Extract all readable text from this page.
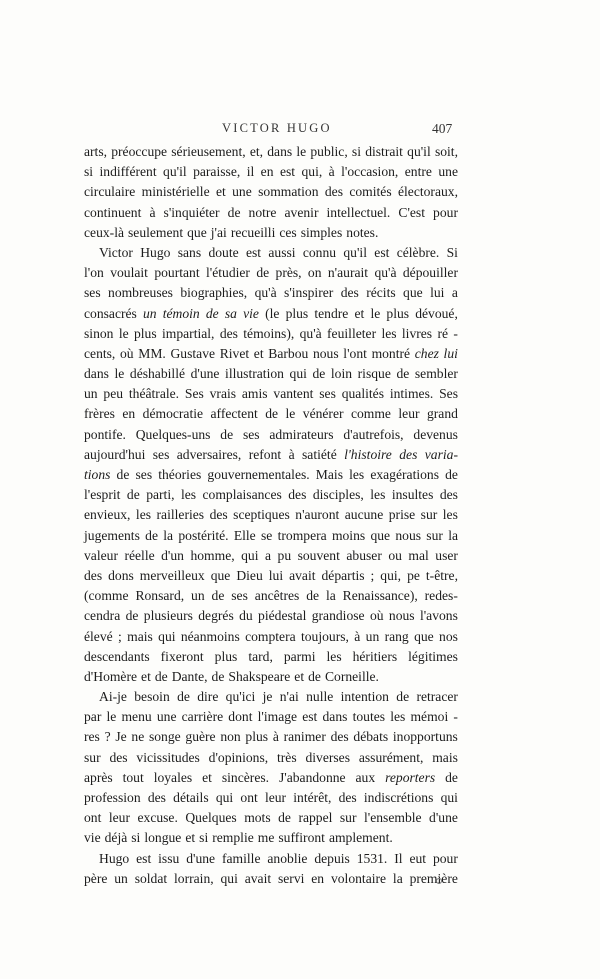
VICTOR HUGO	407
arts, préoccupe sérieusement, et, dans le public, si distrait qu'il soit,
si indifférent qu'il paraisse, il en est qui, à l'occasion, entre une
circulaire ministérielle et une sommation des comités électoraux,
continuent à s'inquiéter de notre avenir intellectuel. C'est pour
ceux-là seulement que j'ai recueilli ces simples notes.
Victor Hugo sans doute est aussi connu qu'il est célèbre. Si
l'on voulait pourtant l'étudier de près, on n'aurait qu'à dépouiller
ses nombreuses biographies, qu'à s'inspirer des récits que lui a
consacrés un témoin de sa vie (le plus tendre et le plus dévoué,
sinon le plus impartial, des témoins), qu'à feuilleter les livres ré -
cents, où MM. Gustave Rivet et Barbou nous l'ont montré chez lui
dans le déshabillé d'une illustration qui de loin risque de sembler
un peu théâtrale. Ses vrais amis vantent ses qualités intimes. Ses
frères en démocratie affectent de le vénérer comme leur grand
pontife. Quelques-uns de ses admirateurs d'autrefois, devenus
aujourd'hui ses adversaires, refont à satiété l'histoire des varia-
tions de ses théories gouvernementales. Mais les exagérations de
l'esprit de parti, les complaisances des disciples, les insultes des
envieux, les railleries des sceptiques n'auront aucune prise sur les
jugements de la postérité. Elle se trompera moins que nous sur la
valeur réelle d'un homme, qui a pu souvent abuser ou mal user
des dons merveilleux que Dieu lui avait départis ; qui, pe t-être,
(comme Ronsard, un de ses ancêtres de la Renaissance), redes-
cendra de plusieurs degrés du piédestal grandiose où nous l'avons
élevé ; mais qui néanmoins comptera toujours, à un rang que nos
descendants fixeront plus tard, parmi les héritiers légitimes
d'Homère et de Dante, de Shakspeare et de Corneille.
Ai-je besoin de dire qu'ici je n'ai nulle intention de retracer
par le menu une carrière dont l'image est dans toutes les mémoi -
res ? Je ne songe guère non plus à ranimer des débats inopportuns
sur des vicissitudes d'opinions, très diverses assurément, mais
après tout loyales et sincères. J'abandonne aux reporters de
profession des détails qui ont leur intérêt, des indiscrétions qui
ont leur excuse. Quelques mots de rappel sur l'ensemble d'une
vie déjà si longue et si remplie me suffiront amplement.
Hugo est issu d'une famille anoblie depuis 1531. Il eut pour
père un soldat lorrain, qui avait servi en volontaire la première
